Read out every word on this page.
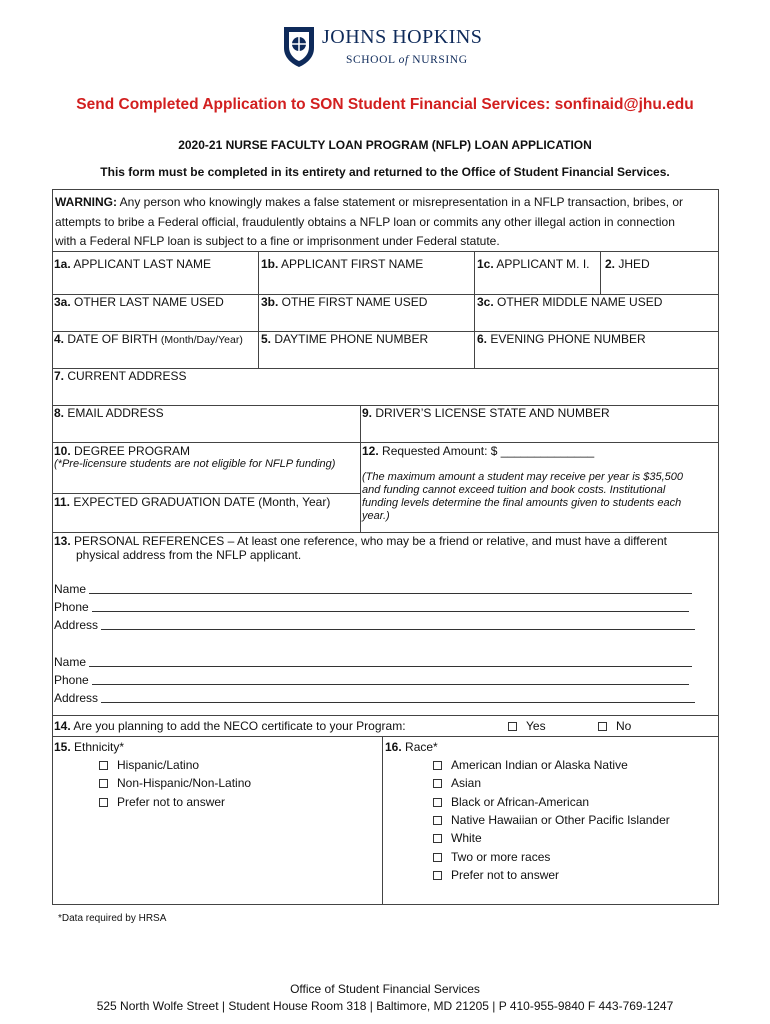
JOHNS HOPKINS
SCHOOL of NURSING
Send Completed Application to SON Student Financial Services: sonfinaid@jhu.edu
2020-21 NURSE FACULTY LOAN PROGRAM (NFLP) LOAN APPLICATION
This form must be completed in its entirety and returned to the Office of Student Financial Services.
WARNING: Any person who knowingly makes a false statement or misrepresentation in a NFLP transaction, bribes, or
attempts to bribe a Federal official, fraudulently obtains a NFLP loan or commits any other illegal action in connection
with a Federal NFLP loan is subject to a fine or imprisonment under Federal statute.
1a. APPLICANT LAST NAME	1b. APPLICANT FIRST NAME	1c. APPLICANT M. I. 2. JHED
3a. OTHER LAST NAME USED	3b. OTHE FIRST NAME USED	3c. OTHER MIDDLE NAME USED
4. DATE OF BIRTH (Month/Day/Year) 5. DAYTIME PHONE NUMBER	6. EVENING PHONE NUMBER
7. CURRENT ADDRESS
8. EMAIL ADDRESS	9. DRIVER’S LICENSE STATE AND NUMBER
10. DEGREE PROGRAM
(*Pre-licensure students are not eligible for NFLP funding)
11. EXPECTED GRADUATION DATE (Month, Year)
12. Requested Amount: $ ______________
(The maximum amount a student may receive per year is $35,500
and funding cannot exceed tuition and book costs. Institutional
funding levels determine the final amounts given to students each
year.)
13. PERSONAL REFERENCES – At least one reference, who may be a friend or relative, and must have a different
physical address from the NFLP applicant.
Name
Phone
Address
Name
Phone
Address
14. Are you planning to add the NECO certificate to your Program:	Yes	No
15. Ethnicity*
Hispanic/Latino
Non-Hispanic/Non-Latino
Prefer not to answer
16. Race*
American Indian or Alaska Native
Asian
Black or African-American
Native Hawaiian or Other Pacific Islander
White
Two or more races
Prefer not to answer
*Data required by HRSA
Office of Student Financial Services
525 North Wolfe Street | Student House Room 318 | Baltimore, MD 21205 | P 410-955-9840 F 443-769-1247
